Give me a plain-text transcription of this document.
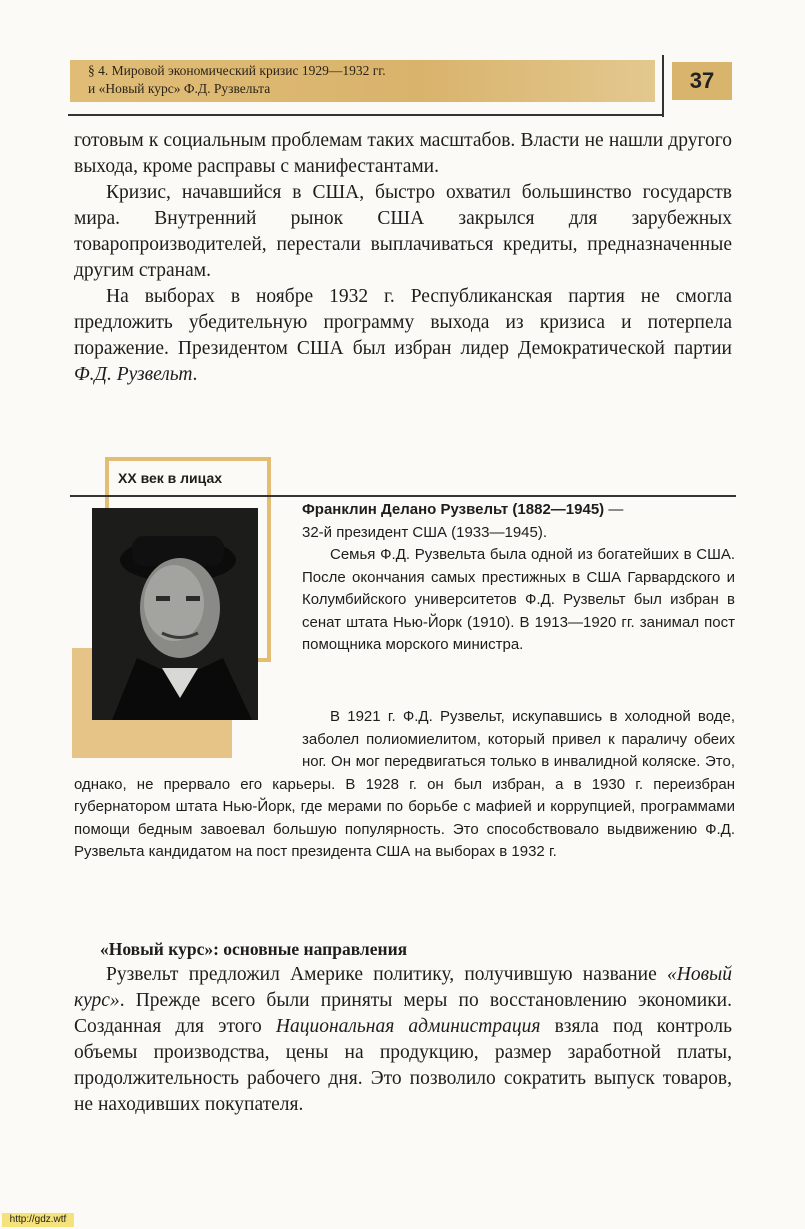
§ 4. Мировой экономический кризис 1929—1932 гг.
и «Новый курс» Ф.Д. Рузвельта	37

готовым к социальным проблемам таких масштабов. Власти не нашли другого выхода, кроме расправы с манифестантами.

Кризис, начавшийся в США, быстро охватил большинство государств мира. Внутренний рынок США закрылся для зарубежных товаропроизводителей, перестали выплачиваться кредиты, предназначенные другим странам.

На выборах в ноябре 1932 г. Республиканская партия не смогла предложить убедительную программу выхода из кризиса и потерпела поражение. Президентом США был избран лидер Демократической партии Ф.Д. Рузвельт.

XX век в лицах

Франклин Делано Рузвельт (1882—1945) —

32-й президент США (1933—1945).

Семья Ф.Д. Рузвельта была одной из богатейших в США. После окончания самых престижных в США Гарвардского и Колумбийского университетов Ф.Д. Рузвельт был избран в сенат штата Нью-Йорк (1910). В 1913—1920 гг. занимал пост помощника морского министра.

В 1921 г. Ф.Д. Рузвельт, искупавшись в холодной воде, заболел полиомиелитом, который привел к параличу обеих ног. Он мог передвигаться только в инвалидной коляске. Это, однако, не прервало его карьеры. В 1928 г. он был избран, а в 1930 г. переизбран губернатором штата Нью-Йорк, где мерами по борьбе с мафией и коррупцией, программами помощи бедным завоевал большую популярность. Это способствовало выдвижению Ф.Д. Рузвельта кандидатом на пост президента США на выборах в 1932 г.

«Новый курс»: основные направления

Рузвельт предложил Америке политику, получившую название «Новый курс». Прежде всего были приняты меры по восстановлению экономики. Созданная для этого Национальная администрация взяла под контроль объемы производства, цены на продукцию, размер заработной платы, продолжительность рабочего дня. Это позволило сократить выпуск товаров, не находивших покупателя.

http://gdz.wtf
